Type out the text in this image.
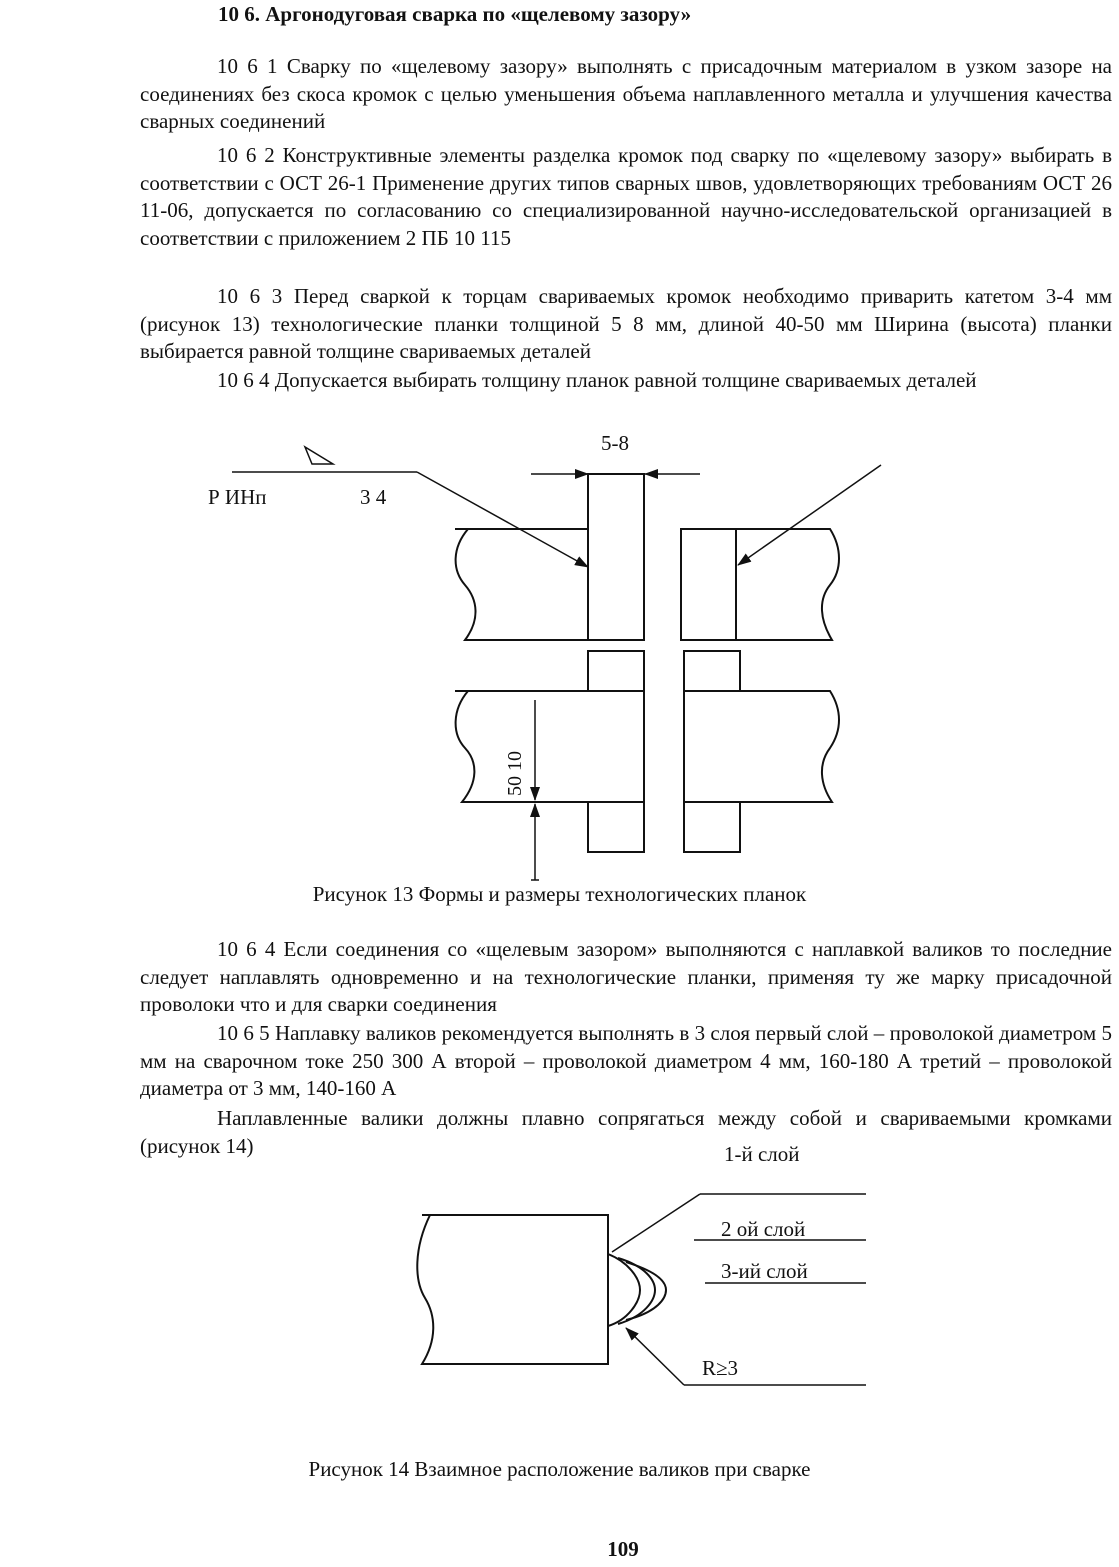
10 6. Аргонодуговая сварка по «щелевому зазору»

10 6 1 Сварку по «щелевому зазору» выполнять с присадочным материалом в узком зазоре на соединениях без скоса кромок с целью уменьшения объема наплавленного металла и улучшения качества сварных соединений

10 6 2 Конструктивные элементы разделка кромок под сварку по «щелевому зазору» выбирать в соответствии с ОСТ 26-1 Применение других типов сварных швов, удовлетворяющих требованиям ОСТ 26 11-06, допускается по согласованию со специализированной научно-исследовательской организацией в соответствии с приложением 2 ПБ 10 115

10 6 3 Перед сваркой к торцам свариваемых кромок необходимо приварить катетом 3-4 мм (рисунок 13) технологические планки толщиной 5 8 мм, длиной 40-50 мм Ширина (высота) планки выбирается равной толщине свариваемых деталей

10 6 4 Допускается выбирать толщину планок равной толщине свариваемых деталей

5-8
Р ИНп	3 4
50 10
Рисунок 13 Формы и размеры технологических планок

10 6 4 Если соединения со «щелевым зазором» выполняются с наплавкой валиков то последние следует наплавлять одновременно и на технологические планки, применяя ту же марку присадочной проволоки что и для сварки соединения

10 6 5 Наплавку валиков рекомендуется выполнять в 3 слоя первый слой – проволокой диаметром 5 мм на сварочном токе 250 300 А второй – проволокой диаметром 4 мм, 160-180 А третий – проволокой диаметра от 3 мм, 140-160 А

Наплавленные валики должны плавно сопрягаться между собой и свариваемыми кромками (рисунок 14)	1-й слой
2 ой слой
3-ий слой
R≥3
Рисунок 14 Взаимное расположение валиков при сварке
109
